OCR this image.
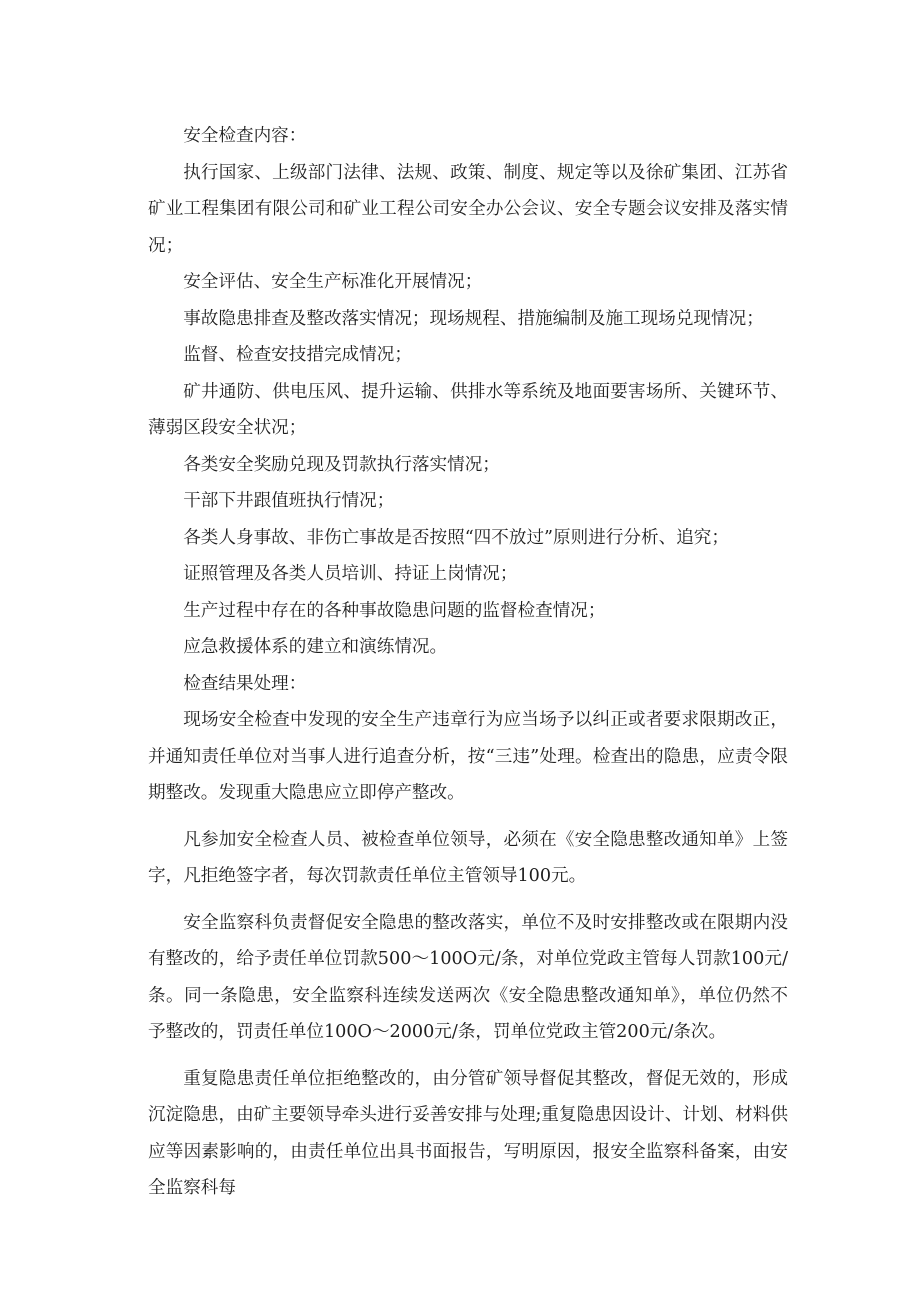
安全检查内容：

执行国家、上级部门法律、法规、政策、制度、规定等以及徐矿集团、江苏省矿业工程集团有限公司和矿业工程公司安全办公会议、安全专题会议安排及落实情况；

安全评估、安全生产标准化开展情况；

事故隐患排查及整改落实情况；现场规程、措施编制及施工现场兑现情况；

监督、检查安技措完成情况；

矿井通防、供电压风、提升运输、供排水等系统及地面要害场所、关键环节、薄弱区段安全状况；

各类安全奖励兑现及罚款执行落实情况；

干部下井跟值班执行情况；

各类人身事故、非伤亡事故是否按照“四不放过”原则进行分析、追究；

证照管理及各类人员培训、持证上岗情况；

生产过程中存在的各种事故隐患问题的监督检查情况；

应急救援体系的建立和演练情况。

检查结果处理：

现场安全检查中发现的安全生产违章行为应当场予以纠正或者要求限期改正，并通知责任单位对当事人进行追查分析，按“三违”处理。检查出的隐患，应责令限期整改。发现重大隐患应立即停产整改。

凡参加安全检查人员、被检查单位领导，必须在《安全隐患整改通知单》上签字，凡拒绝签字者，每次罚款责任单位主管领导100元。

安全监察科负责督促安全隐患的整改落实，单位不及时安排整改或在限期内没有整改的，给予责任单位罚款500～100O元/条，对单位党政主管每人罚款100元/条。同一条隐患，安全监察科连续发送两次《安全隐患整改通知单》，单位仍然不予整改的，罚责任单位100O～2000元/条，罚单位党政主管200元/条次。

重复隐患责任单位拒绝整改的，由分管矿领导督促其整改，督促无效的，形成沉淀隐患，由矿主要领导牵头进行妥善安排与处理;重复隐患因设计、计划、材料供应等因素影响的，由责任单位出具书面报告，写明原因，报安全监察科备案，由安全监察科每
